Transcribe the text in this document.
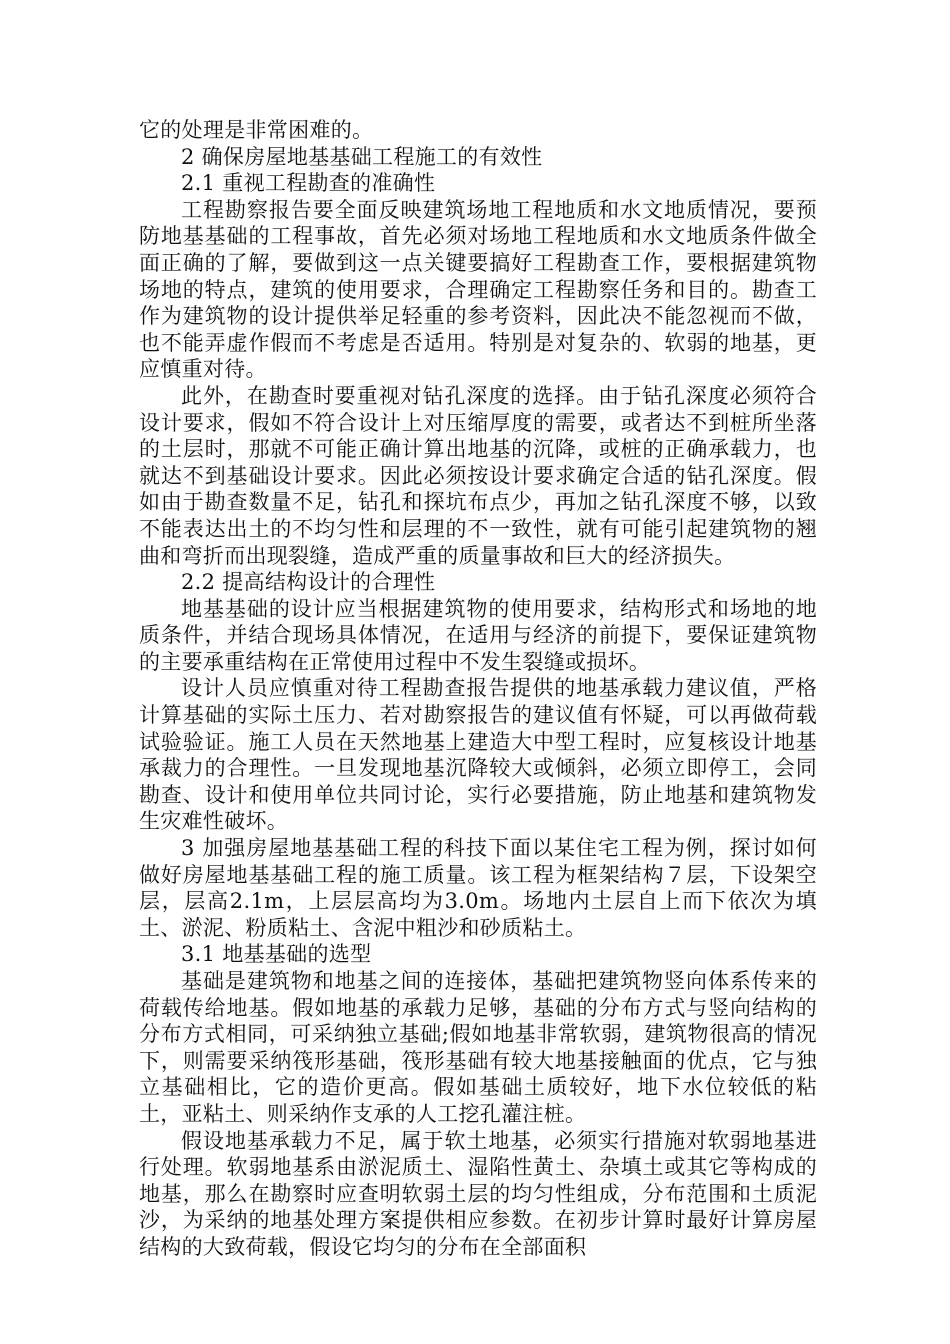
它的处理是非常困难的。

2 确保房屋地基基础工程施工的有效性

2.1 重视工程勘查的准确性

工程勘察报告要全面反映建筑场地工程地质和水文地质情况，要预防地基基础的工程事故，首先必须对场地工程地质和水文地质条件做全面正确的了解，要做到这一点关键要搞好工程勘查工作，要根据建筑物场地的特点，建筑的使用要求，合理确定工程勘察任务和目的。勘查工作为建筑物的设计提供举足轻重的参考资料，因此决不能忽视而不做，也不能弄虚作假而不考虑是否适用。特别是对复杂的、软弱的地基，更应慎重对待。

此外，在勘查时要重视对钻孔深度的选择。由于钻孔深度必须符合设计要求，假如不符合设计上对压缩厚度的需要，或者达不到桩所坐落的土层时，那就不可能正确计算出地基的沉降，或桩的正确承载力，也就达不到基础设计要求。因此必须按设计要求确定合适的钻孔深度。假如由于勘查数量不足，钻孔和探坑布点少，再加之钻孔深度不够，以致不能表达出土的不均匀性和层理的不一致性，就有可能引起建筑物的翘曲和弯折而出现裂缝，造成严重的质量事故和巨大的经济损失。

2.2 提高结构设计的合理性

地基基础的设计应当根据建筑物的使用要求，结构形式和场地的地质条件，并结合现场具体情况，在适用与经济的前提下，要保证建筑物的主要承重结构在正常使用过程中不发生裂缝或损坏。

设计人员应慎重对待工程勘查报告提供的地基承载力建议值，严格计算基础的实际土压力、若对勘察报告的建议值有怀疑，可以再做荷载试验验证。施工人员在天然地基上建造大中型工程时，应复核设计地基承裁力的合理性。一旦发现地基沉降较大或倾斜，必须立即停工，会同勘查、设计和使用单位共同讨论，实行必要措施，防止地基和建筑物发生灾难性破坏。

3 加强房屋地基基础工程的科技下面以某住宅工程为例，探讨如何做好房屋地基基础工程的施工质量。该工程为框架结构７层，下设架空层，层高2.1m，上层层高均为3.0m。场地内土层自上而下依次为填土、淤泥、粉质粘土、含泥中粗沙和砂质粘土。

3.1 地基基础的选型

基础是建筑物和地基之间的连接体，基础把建筑物竖向体系传来的荷载传给地基。假如地基的承载力足够，基础的分布方式与竖向结构的分布方式相同，可采纳独立基础;假如地基非常软弱，建筑物很高的情况下，则需要采纳筏形基础，筏形基础有较大地基接触面的优点，它与独立基础相比，它的造价更高。假如基础土质较好，地下水位较低的粘土，亚粘土、则采纳作支承的人工挖孔灌注桩。

假设地基承载力不足，属于软土地基，必须实行措施对软弱地基进行处理。软弱地基系由淤泥质土、湿陷性黄土、杂填土或其它等构成的地基，那么在勘察时应查明软弱土层的均匀性组成，分布范围和土质泥沙，为采纳的地基处理方案提供相应参数。在初步计算时最好计算房屋结构的大致荷载，假设它均匀的分布在全部面积
